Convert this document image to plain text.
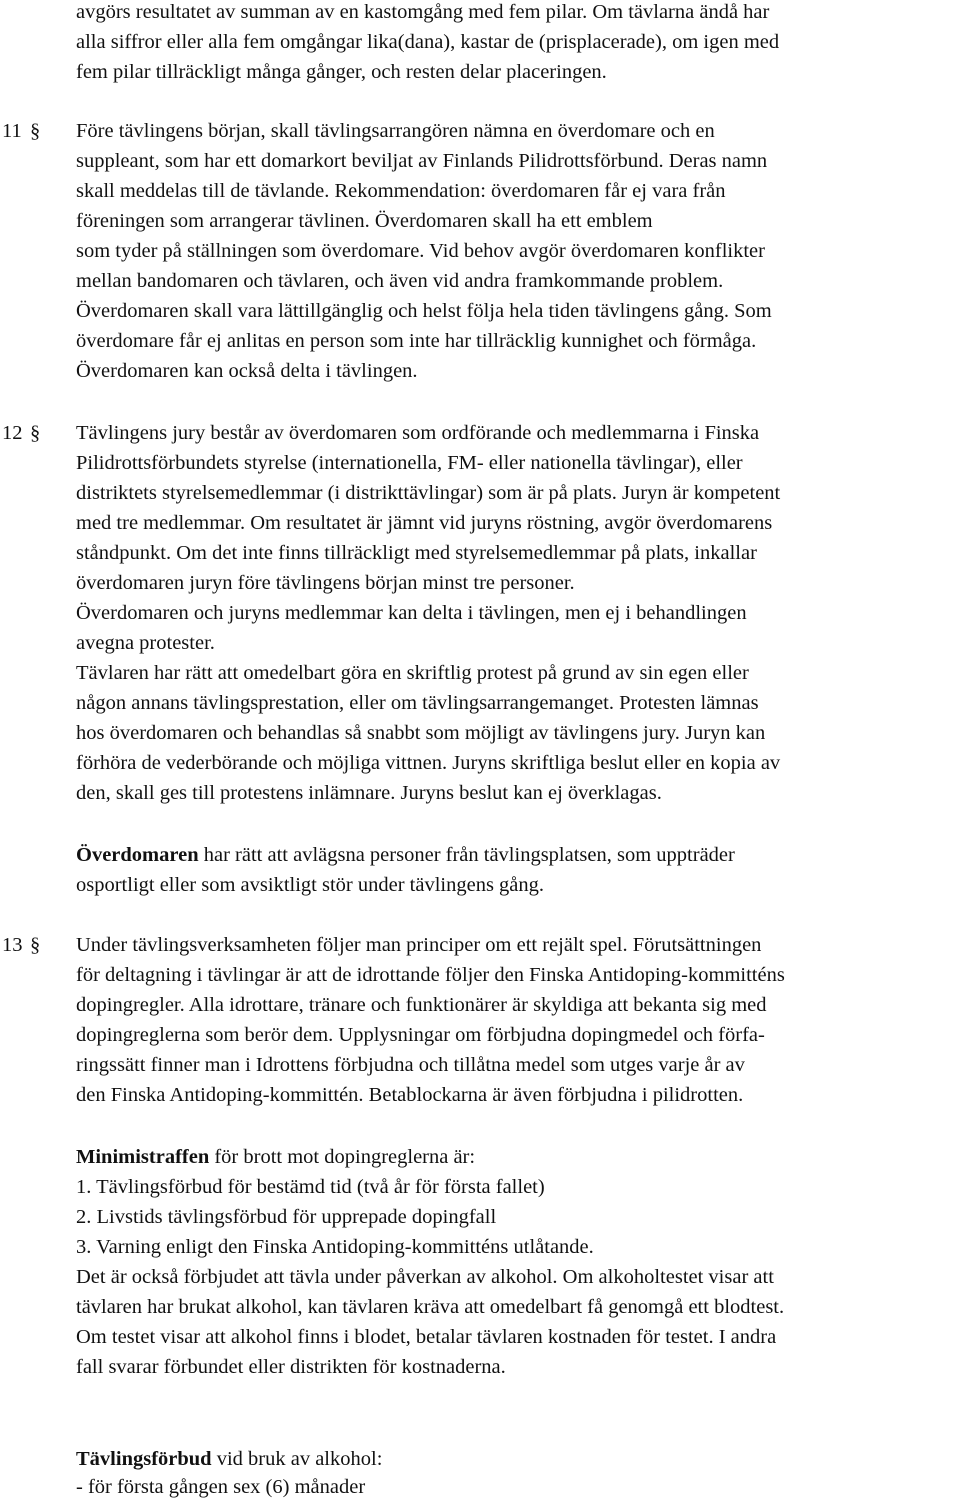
avgörs resultatet av summan av en kastomgång med fem pilar. Om tävlarna ändå har
alla siffror eller alla fem omgångar lika(dana), kastar de (prisplacerade), om igen med
fem pilar tillräckligt många gånger, och resten delar placeringen.
11 § Före tävlingens början, skall tävlingsarrangören nämna en överdomare och en
suppleant, som har ett domarkort beviljat av Finlands Pilidrottsförbund. Deras namn
skall meddelas till de tävlande. Rekommendation: överdomaren får ej vara från
föreningen som arrangerar tävlinen. Överdomaren skall ha ett emblem
som tyder på ställningen som överdomare. Vid behov avgör överdomaren konflikter
mellan bandomaren och tävlaren, och även vid andra framkommande problem.
Överdomaren skall vara lättillgänglig och helst följa hela tiden tävlingens gång. Som
överdomare får ej anlitas en person som inte har tillräcklig kunnighet och förmåga.
Överdomaren kan också delta i tävlingen.
12 § Tävlingens jury består av överdomaren som ordförande och medlemmarna i Finska
Pilidrottsförbundets styrelse (internationella, FM- eller nationella tävlingar), eller
distriktets styrelsemedlemmar (i distrikttävlingar) som är på plats. Juryn är kompetent
med tre medlemmar. Om resultatet är jämnt vid juryns röstning, avgör överdomarens
ståndpunkt. Om det inte finns tillräckligt med styrelsemedlemmar på plats, inkallar
överdomaren juryn före tävlingens början minst tre personer.
Överdomaren och juryns medlemmar kan delta i tävlingen, men ej i behandlingen
avegna protester.
Tävlaren har rätt att omedelbart göra en skriftlig protest på grund av sin egen eller
någon annans tävlingsprestation, eller om tävlingsarrangemanget. Protesten lämnas
hos överdomaren och behandlas så snabbt som möjligt av tävlingens jury. Juryn kan
förhöra de vederbörande och möjliga vittnen. Juryns skriftliga beslut eller en kopia av
den, skall ges till protestens inlämnare. Juryns beslut kan ej överklagas.
Överdomaren har rätt att avlägsna personer från tävlingsplatsen, som uppträder
osportligt eller som avsiktligt stör under tävlingens gång.
13 § Under tävlingsverksamheten följer man principer om ett rejält spel. Förutsättningen
för deltagning i tävlingar är att de idrottande följer den Finska Antidoping-kommitténs
dopingregler. Alla idrottare, tränare och funktionärer är skyldiga att bekanta sig med
dopingreglerna som berör dem. Upplysningar om förbjudna dopingmedel och förfa-
ringssätt finner man i Idrottens förbjudna och tillåtna medel som utges varje år av
den Finska Antidoping-kommittén. Betablockarna är även förbjudna i pilidrotten.
Minimistraffen för brott mot dopingreglerna är:
1. Tävlingsförbud för bestämd tid (två år för första fallet)
2. Livstids tävlingsförbud för upprepade dopingfall
3. Varning enligt den Finska Antidoping-kommitténs utlåtande.
Det är också förbjudet att tävla under påverkan av alkohol. Om alkoholtestet visar att
tävlaren har brukat alkohol, kan tävlaren kräva att omedelbart få genomgå ett blodtest.
Om testet visar att alkohol finns i blodet, betalar tävlaren kostnaden för testet. I andra
fall svarar förbundet eller distrikten för kostnaderna.
Tävlingsförbud vid bruk av alkohol:
- för första gången sex (6) månader
